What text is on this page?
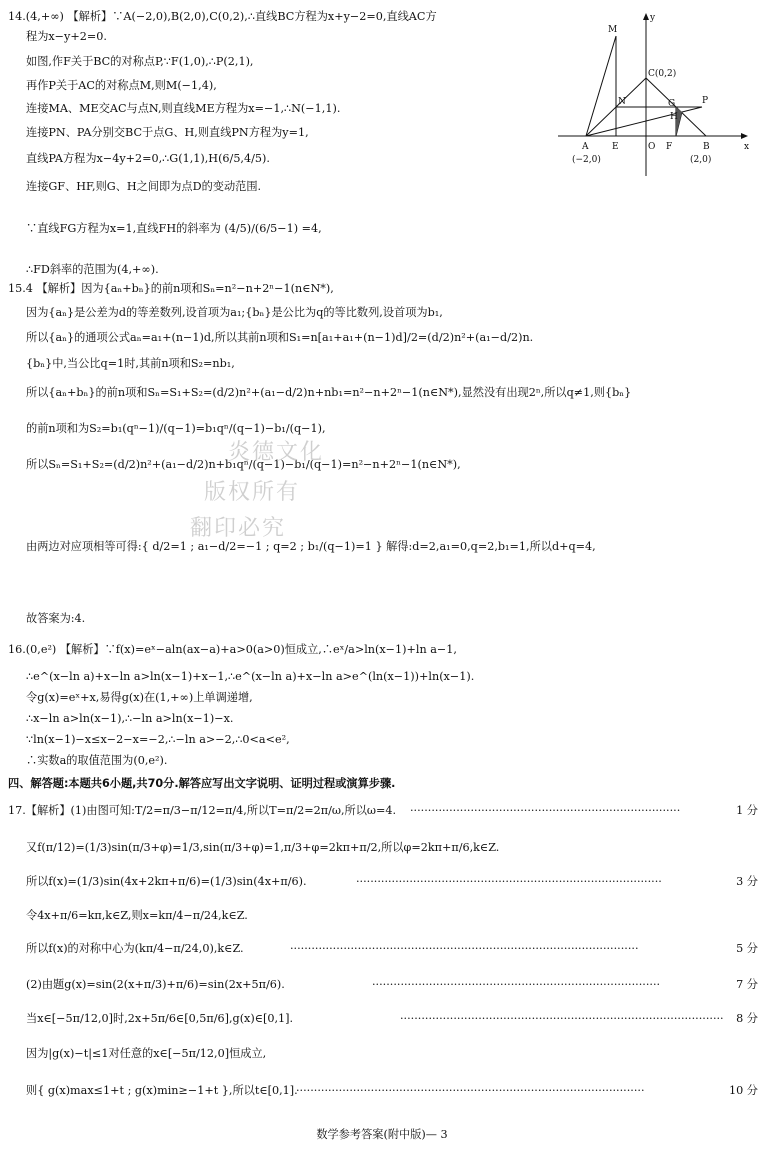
14.(4,+∞) 【解析】∵A(−2,0),B(2,0),C(0,2),∴直线BC方程为x+y−2=0,直线AC方
程为x−y+2=0.
如图,作F关于BC的对称点P,∵F(1,0),∴P(2,1),
再作P关于AC的对称点M,则M(−1,4),
连接MA、ME交AC与点N,则直线ME方程为x=−1,∴N(−1,1).
连接PN、PA分别交BC于点G、H,则直线PN方程为y=1,
直线PA方程为x−4y+2=0,∴G(1,1),H(6/5,4/5).
连接GF、HF,则G、H之间即为点D的变动范围.
∵直线FG方程为x=1,直线FH的斜率为 (4/5)/(6/5−1) =4,
∴FD斜率的范围为(4,+∞).
M
y
C(0,2)
N	G	P
H
A	E	O F	B	x
(−2,0)	(2,0)
15.4 【解析】因为{aₙ+bₙ}的前n项和Sₙ=n²−n+2ⁿ−1(n∈N*),
因为{aₙ}是公差为d的等差数列,设首项为a₁;{bₙ}是公比为q的等比数列,设首项为b₁,
所以{aₙ}的通项公式aₙ=a₁+(n−1)d,所以其前n项和S₁=n[a₁+a₁+(n−1)d]/2=(d/2)n²+(a₁−d/2)n.
{bₙ}中,当公比q=1时,其前n项和S₂=nb₁,
所以{aₙ+bₙ}的前n项和Sₙ=S₁+S₂=(d/2)n²+(a₁−d/2)n+nb₁=n²−n+2ⁿ−1(n∈N*),显然没有出现2ⁿ,所以q≠1,则{bₙ}
的前n项和为S₂=b₁(qⁿ−1)/(q−1)=b₁qⁿ/(q−1)−b₁/(q−1),
所以Sₙ=S₁+S₂=(d/2)n²+(a₁−d/2)n+b₁qⁿ/(q−1)−b₁/(q−1)=n²−n+2ⁿ−1(n∈N*),
炎德文化
版权所有
翻印必究
由两边对应项相等可得:{ d/2=1 ; a₁−d/2=−1 ; q=2 ; b₁/(q−1)=1 } 解得:d=2,a₁=0,q=2,b₁=1,所以d+q=4,
故答案为:4.
16.(0,e²) 【解析】∵f(x)=eˣ−aln(ax−a)+a>0(a>0)恒成立,∴eˣ/a>ln(x−1)+ln a−1,
∴e^(x−ln a)+x−ln a>ln(x−1)+x−1,∴e^(x−ln a)+x−ln a>e^(ln(x−1))+ln(x−1).
令g(x)=eˣ+x,易得g(x)在(1,+∞)上单调递增,
∴x−ln a>ln(x−1),∴−ln a>ln(x−1)−x.
∵ln(x−1)−x≤x−2−x=−2,∴−ln a>−2,∴0<a<e²,
∴实数a的取值范围为(0,e²).
四、解答题:本题共6小题,共70分.解答应写出文字说明、证明过程或演算步骤.
17.【解析】(1)由图可知:T/2=π/3−π/12=π/4,所以T=π/2=2π/ω,所以ω=4. ············································································	1 分
又f(π/12)=(1/3)sin(π/3+φ)=1/3,sin(π/3+φ)=1,π/3+φ=2kπ+π/2,所以φ=2kπ+π/6,k∈Z.
所以f(x)=(1/3)sin(4x+2kπ+π/6)=(1/3)sin(4x+π/6).	······················································································	3 分
令4x+π/6=kπ,k∈Z,则x=kπ/4−π/24,k∈Z.
所以f(x)的对称中心为(kπ/4−π/24,0),k∈Z.	··································································································	5 分
(2)由题g(x)=sin(2(x+π/3)+π/6)=sin(2x+5π/6).	·················································································	7 分
当x∈[−5π/12,0]时,2x+5π/6∈[0,5π/6],g(x)∈[0,1].	···························································································	8 分
因为|g(x)−t|≤1对任意的x∈[−5π/12,0]恒成立,
则{ g(x)max≤1+t ; g(x)min≥−1+t },所以t∈[0,1].
··································································································	10 分
数学参考答案(附中版)— 3
